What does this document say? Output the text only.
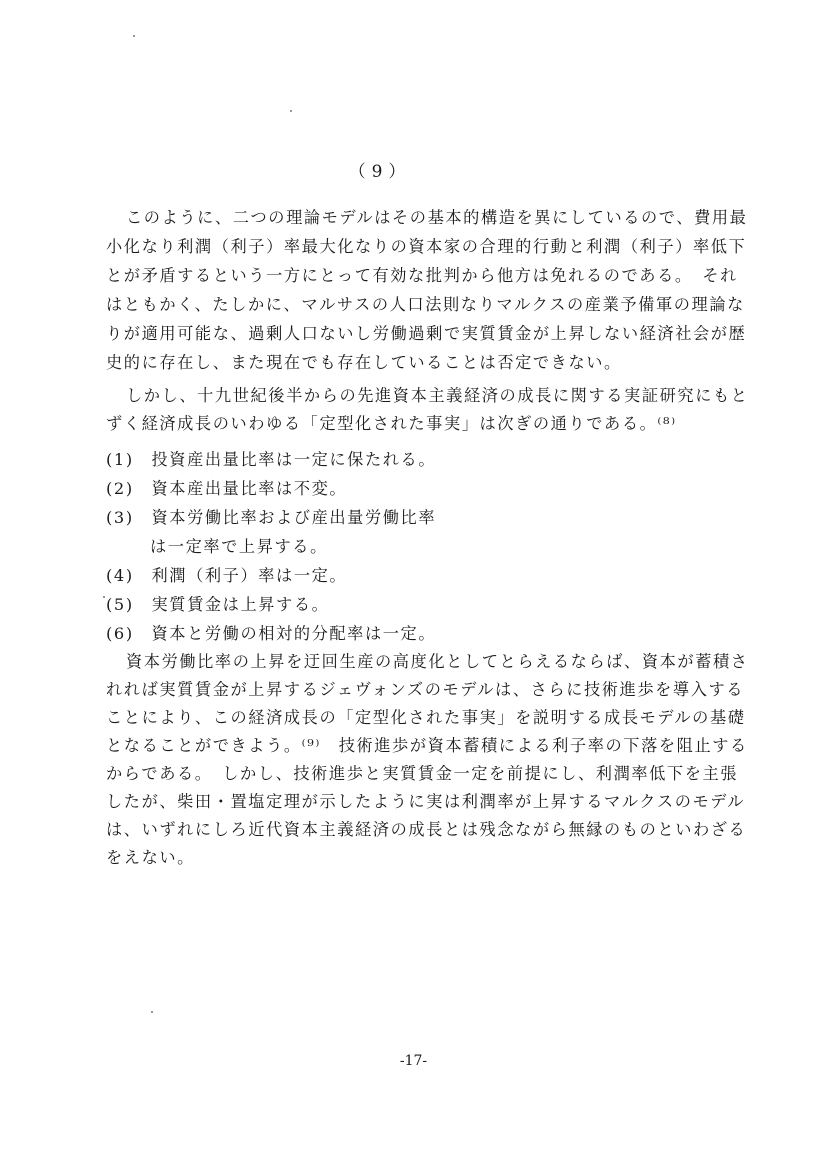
（9）
このように、二つの理論モデルはその基本的構造を異にしているので、費用最
小化なり利潤（利子）率最大化なりの資本家の合理的行動と利潤（利子）率低下
とが矛盾するという一方にとって有効な批判から他方は免れるのである。　それ
はともかく、たしかに、マルサスの人口法則なりマルクスの産業予備軍の理論な
りが適用可能な、過剰人口ないし労働過剰で実質賃金が上昇しない経済社会が歴
史的に存在し、また現在でも存在していることは否定できない。
しかし、十九世紀後半からの先進資本主義経済の成長に関する実証研究にもと
ずく経済成長のいわゆる「定型化された事実」は次ぎの通りである。⁽⁸⁾
(1)　投資産出量比率は一定に保たれる。
(2)　資本産出量比率は不変。
(3)　資本労働比率および産出量労働比率
は一定率で上昇する。
(4)　利潤（利子）率は一定。
(5)　実質賃金は上昇する。
(6)　資本と労働の相対的分配率は一定。
資本労働比率の上昇を迂回生産の高度化としてとらえるならば、資本が蓄積さ
れれば実質賃金が上昇するジェヴォンズのモデルは、さらに技術進歩を導入する
ことにより、この経済成長の「定型化された事実」を説明する成長モデルの基礎
となることができよう。⁽⁹⁾　技術進歩が資本蓄積による利子率の下落を阻止する
からである。　しかし、技術進歩と実質賃金一定を前提にし、利潤率低下を主張
したが、柴田・置塩定理が示したように実は利潤率が上昇するマルクスのモデル
は、いずれにしろ近代資本主義経済の成長とは残念ながら無縁のものといわざる
をえない。
-17-
